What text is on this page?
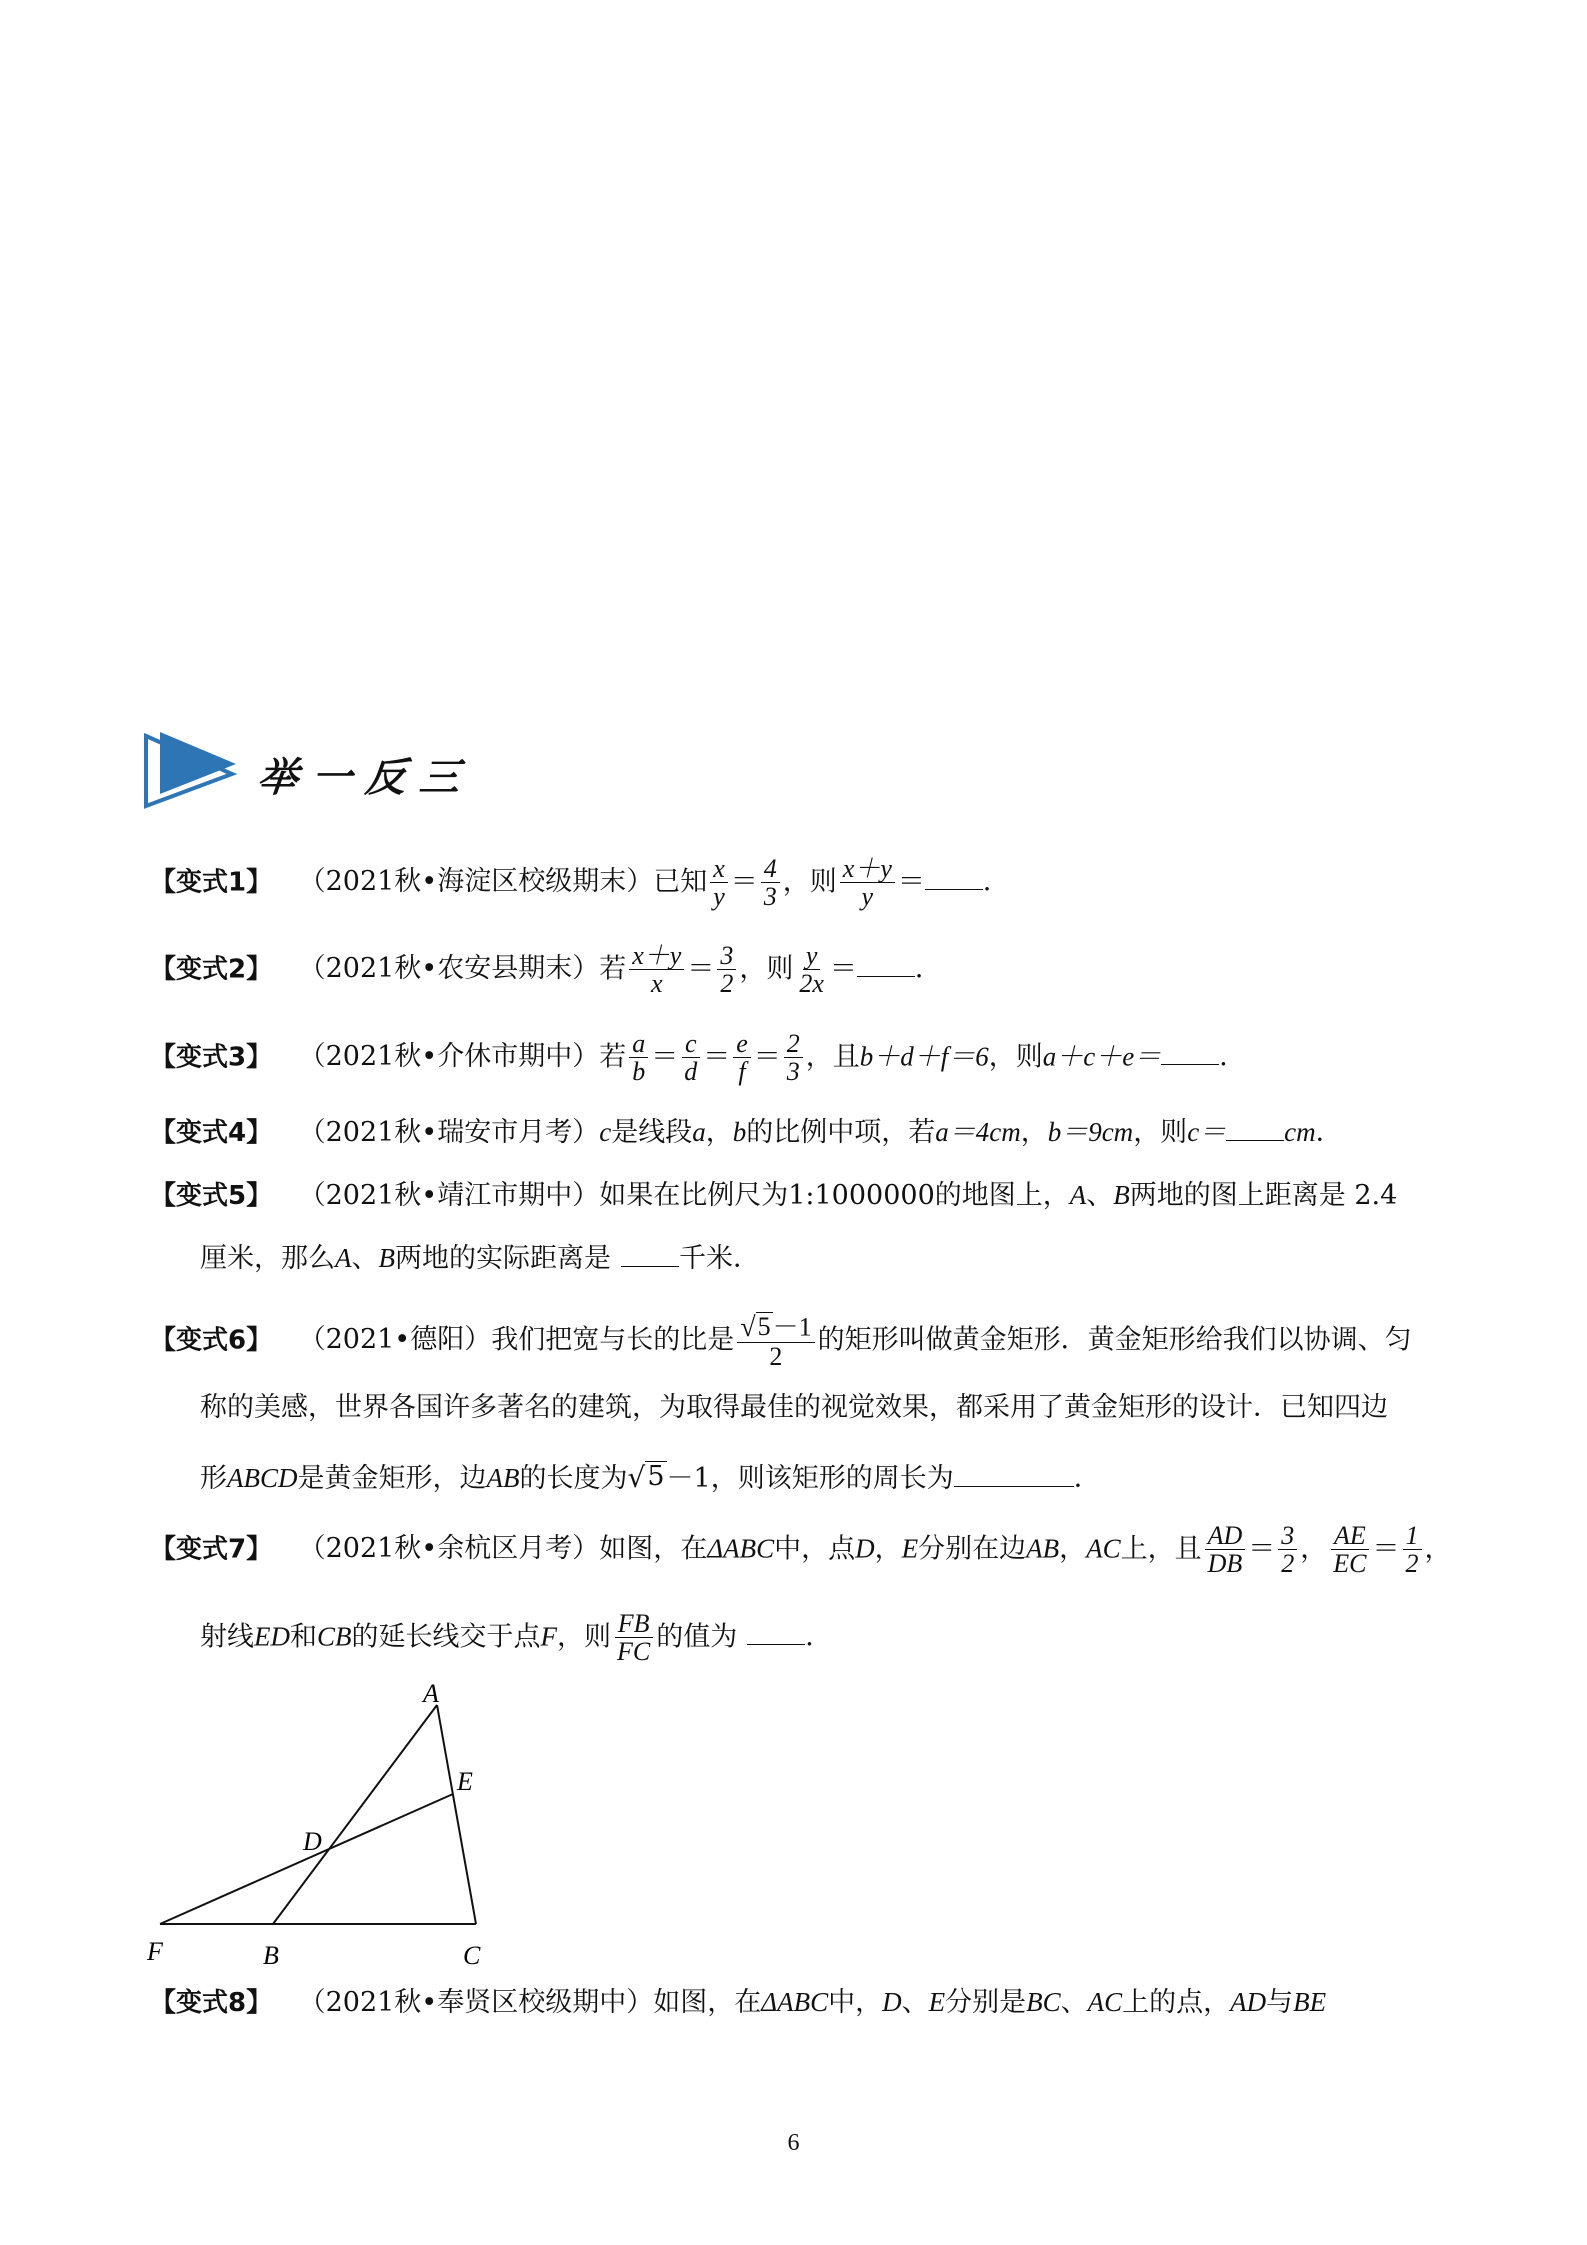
举一反三
【变式1】 （2021秋•海淀区校级期末）已知 $\frac{x}{y} = \frac{4}{3}$ ，则 $\frac{x+y}{y}$ ＝ ．
【变式2】 （2021秋•农安县期末）若 $\frac{x+y}{x} = \frac{3}{2}$ ，则 $\frac{y}{2x}$ ＝ ．
【变式3】 （2021秋•介休市期中）若 $\frac{a}{b} = \frac{c}{d} = \frac{e}{f} = \frac{2}{3}$ ，且b＋d＋f＝6，则a＋c＋e＝ ．
【变式4】 （2021秋•瑞安市月考）c是线段a，b的比例中项，若a＝4cm，b＝9cm，则c＝ cm．
【变式5】 （2021秋•靖江市期中）如果在比例尺为1:1000000的地图上，A、B两地的图上距离是 2.4
厘米，那么A、B两地的实际距离是	千米．
【变式6】 （2021•德阳）我们把宽与长的比是 $\frac{√ 5 -1}{2}$ 的矩形叫做黄金矩形．黄金矩形给我们以协调、匀
称的美感，世界各国许多著名的建筑，为取得最佳的视觉效果，都采用了黄金矩形的设计．已知四边
形ABCD是黄金矩形，边AB的长度为 √ 5 －1，则该矩形的周长为	．
【变式7】 （2021秋•余杭区月考）如图，在ΔABC中，点D，E分别在边AB，AC上，且 $\frac{AD}{DB} = \frac{3}{2}$ ， $\frac{AE}{EC} = \frac{1}{2}$ ，
射线ED和CB的延长线交于点F，则 $\frac{FB}{FC}$ 的值为	．
A
E
D
F	B	C
【变式8】 （2021秋•奉贤区校级期中）如图，在ΔABC中，D、E分别是BC、AC上的点，AD与BE
6
